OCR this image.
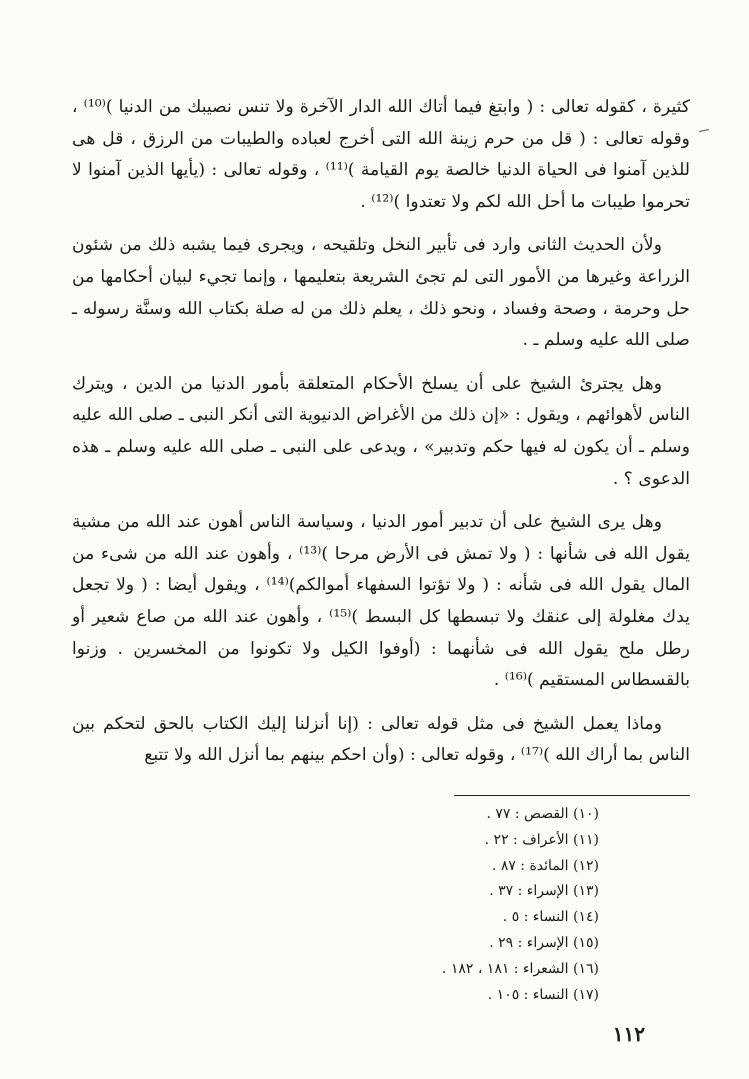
كثيرة ، كقوله تعالى : ( وابتغ فيما أتاك الله الدار الآخرة ولا تنس نصيبك من الدنيا )⁽¹⁰⁾ ، وقوله تعالى : ( قل من حرم زينة الله التى أخرج لعباده والطيبات من الرزق ، قل هى للذين آمنوا فى الحياة الدنيا خالصة يوم القيامة )⁽¹¹⁾ ، وقوله تعالى : (يأيها الذين آمنوا لا تحرموا طيبات ما أحل الله لكم ولا تعتدوا )⁽¹²⁾ .

ولأن الحديث الثانى وارد فى تأبير النخل وتلقيحه ، ويجرى فيما يشبه ذلك من شئون الزراعة وغيرها من الأمور التى لم تجئ الشريعة بتعليمها ، وإنما تجيء لبيان أحكامها من حل وحرمة ، وصحة وفساد ، ونحو ذلك ، يعلم ذلك من له صلة بكتاب الله وسنَّة رسوله ـ صلى الله عليه وسلم ـ .

وهل يجترئ الشيخ على أن يسلخ الأحكام المتعلقة بأمور الدنيا من الدين ، ويترك الناس لأهوائهم ، ويقول : «إن ذلك من الأغراض الدنيوية التى أنكر النبى ـ صلى الله عليه وسلم ـ أن يكون له فيها حكم وتدبير» ، ويدعى على النبى ـ صلى الله عليه وسلم ـ هذه الدعوى ؟ .

وهل يرى الشيخ على أن تدبير أمور الدنيا ، وسياسة الناس أهون عند الله من مشية يقول الله فى شأنها : ( ولا تمش فى الأرض مرحا )⁽¹³⁾ ، وأهون عند الله من شىء من المال يقول الله فى شأنه : ( ولا تؤتوا السفهاء أموالكم)⁽¹⁴⁾ ، ويقول أيضا : ( ولا تجعل يدك مغلولة إلى عنقك ولا تبسطها كل البسط )⁽¹⁵⁾ ، وأهون عند الله من صاع شعير أو رطل ملح يقول الله فى شأنهما : (أوفوا الكيل ولا تكونوا من المخسرين . وزنوا بالقسطاس المستقيم )⁽¹⁶⁾ .

وماذا يعمل الشيخ فى مثل قوله تعالى : (إنا أنزلنا إليك الكتاب بالحق لتحكم بين الناس بما أراك الله )⁽¹⁷⁾ ، وقوله تعالى : (وأن احكم بينهم بما أنزل الله ولا تتبع

(١٠) القصص : ٧٧ .
(١١) الأعراف : ٢٢ .
(١٢) المائدة : ٨٧ .
(١٣) الإسراء : ٣٧ .
(١٤) النساء : ٥ .
(١٥) الإسراء : ٢٩ .
(١٦) الشعراء : ١٨١ ، ١٨٢ .
(١٧) النساء : ١٠٥ .
١١٢
